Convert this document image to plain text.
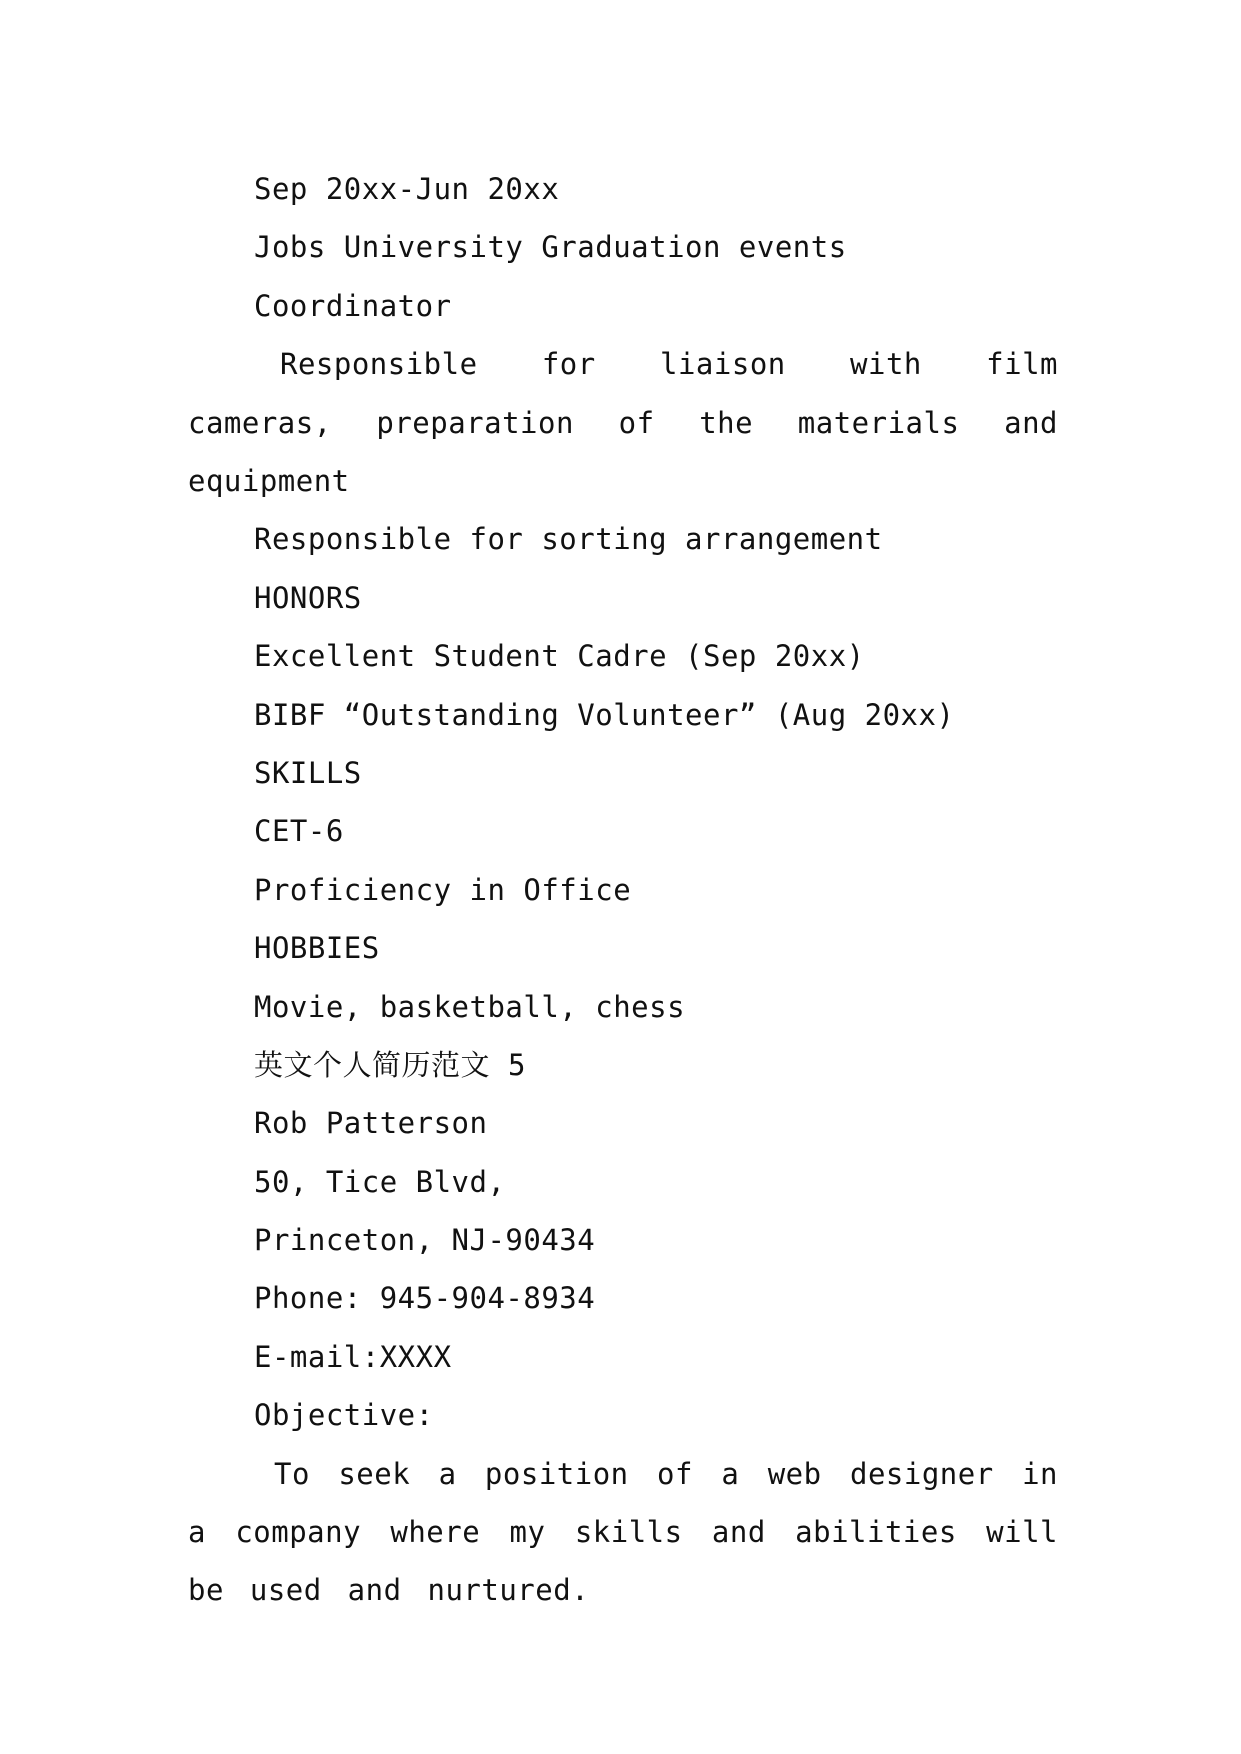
Sep 20xx-Jun 20xx
Jobs University Graduation events
Coordinator
Responsible for liaison with film cameras, preparation of the materials and equipment
Responsible for sorting arrangement
HONORS
Excellent Student Cadre (Sep 20xx)
BIBF “Outstanding Volunteer” (Aug 20xx)
SKILLS
CET-6
Proficiency in Office
HOBBIES
Movie, basketball, chess
英文个人简历范文 5
Rob Patterson
50, Tice Blvd,
Princeton, NJ-90434
Phone: 945-904-8934
E-mail:XXXX
Objective:
To seek a position of a web designer in a company where my skills and abilities will be used and nurtured.
